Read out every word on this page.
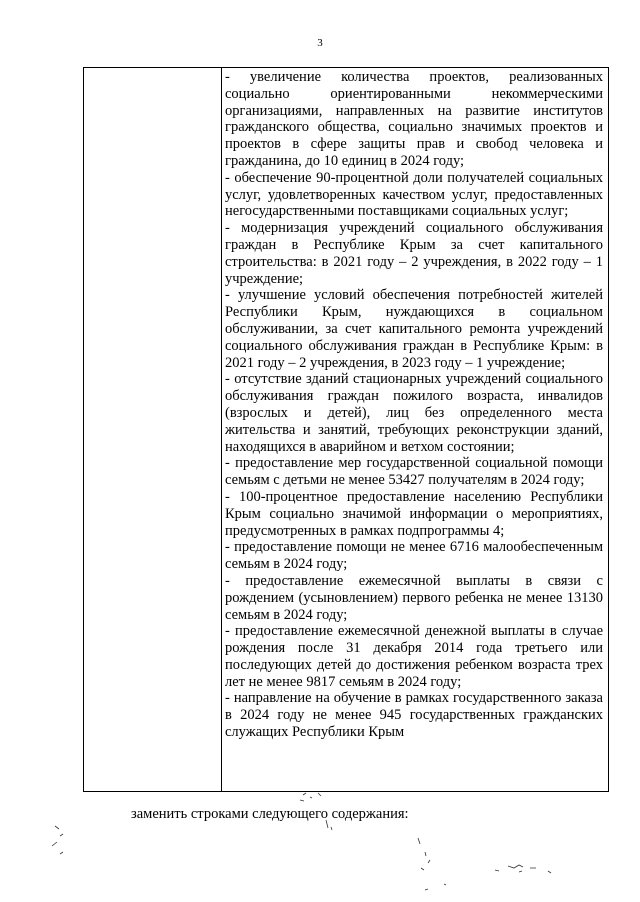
3

- увеличение количества проектов, реализованных социально ориентированными некоммерческими организациями, направленных на развитие институтов гражданского общества, социально значимых проектов и проектов в сфере защиты прав и свобод человека и гражданина, до 10 единиц в 2024 году;

- обеспечение 90-процентной доли получателей социальных услуг, удовлетворенных качеством услуг, предоставленных негосударственными поставщиками социальных услуг;

- модернизация учреждений социального обслуживания граждан в Республике Крым за счет капитального строительства: в 2021 году – 2 учреждения, в 2022 году – 1 учреждение;

- улучшение условий обеспечения потребностей жителей Республики Крым, нуждающихся в социальном обслуживании, за счет капитального ремонта учреждений социального обслуживания граждан в Республике Крым: в 2021 году – 2 учреждения, в 2023 году – 1 учреждение;

- отсутствие зданий стационарных учреждений социального обслуживания граждан пожилого возраста, инвалидов (взрослых и детей), лиц без определенного места жительства и занятий, требующих реконструкции зданий, находящихся в аварийном и ветхом состоянии;

- предоставление мер государственной социальной помощи семьям с детьми не менее 53427 получателям в 2024 году;

- 100-процентное предоставление населению Республики Крым социально значимой информации о мероприятиях, предусмотренных в рамках подпрограммы 4;

- предоставление помощи не менее 6716 малообеспеченным семьям в 2024 году;

- предоставление ежемесячной выплаты в связи с рождением (усыновлением) первого ребенка не менее 13130 семьям в 2024 году;

- предоставление ежемесячной денежной выплаты в случае рождения после 31 декабря 2014 года третьего или последующих детей до достижения ребенком возраста трех лет не менее 9817 семьям в 2024 году;

- направление на обучение в рамках государственного заказа в 2024 году не менее 945 государственных гражданских служащих Республики Крым

заменить строками следующего содержания:
